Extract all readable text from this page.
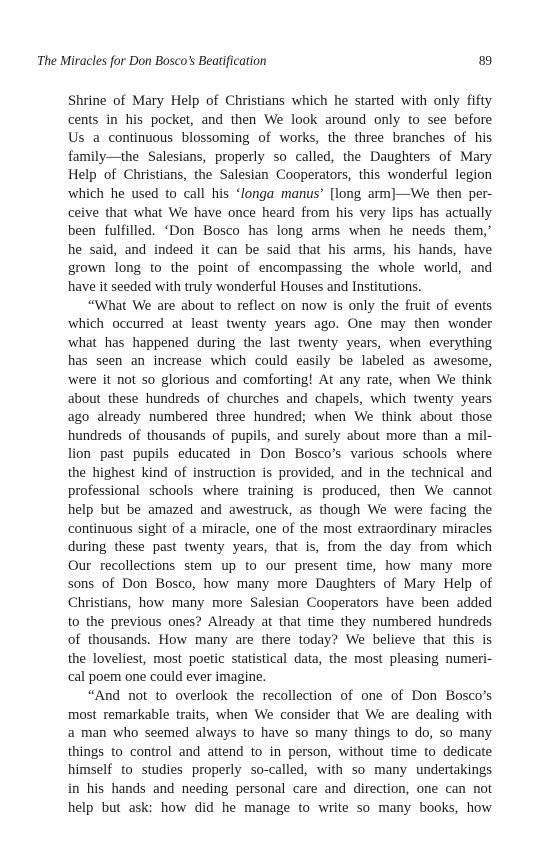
The Miracles for Don Bosco’s Beatification	89
Shrine of Mary Help of Christians which he started with only fifty
cents in his pocket, and then We look around only to see before
Us a continuous blossoming of works, the three branches of his
family—the Salesians, properly so called, the Daughters of Mary
Help of Christians, the Salesian Cooperators, this wonderful legion
which he used to call his ‘longa manus’ [long arm]—We then per-
ceive that what We have once heard from his very lips has actually
been fulfilled. ‘Don Bosco has long arms when he needs them,’
he said, and indeed it can be said that his arms, his hands, have
grown long to the point of encompassing the whole world, and
have it seeded with truly wonderful Houses and Institutions.
“What We are about to reflect on now is only the fruit of events
which occurred at least twenty years ago. One may then wonder
what has happened during the last twenty years, when everything
has seen an increase which could easily be labeled as awesome,
were it not so glorious and comforting! At any rate, when We think
about these hundreds of churches and chapels, which twenty years
ago already numbered three hundred; when We think about those
hundreds of thousands of pupils, and surely about more than a mil-
lion past pupils educated in Don Bosco’s various schools where
the highest kind of instruction is provided, and in the technical and
professional schools where training is produced, then We cannot
help but be amazed and awestruck, as though We were facing the
continuous sight of a miracle, one of the most extraordinary miracles
during these past twenty years, that is, from the day from which
Our recollections stem up to our present time, how many more
sons of Don Bosco, how many more Daughters of Mary Help of
Christians, how many more Salesian Cooperators have been added
to the previous ones? Already at that time they numbered hundreds
of thousands. How many are there today? We believe that this is
the loveliest, most poetic statistical data, the most pleasing numeri-
cal poem one could ever imagine.
“And not to overlook the recollection of one of Don Bosco’s
most remarkable traits, when We consider that We are dealing with
a man who seemed always to have so many things to do, so many
things to control and attend to in person, without time to dedicate
himself to studies properly so-called, with so many undertakings
in his hands and needing personal care and direction, one can not
help but ask: how did he manage to write so many books, how
